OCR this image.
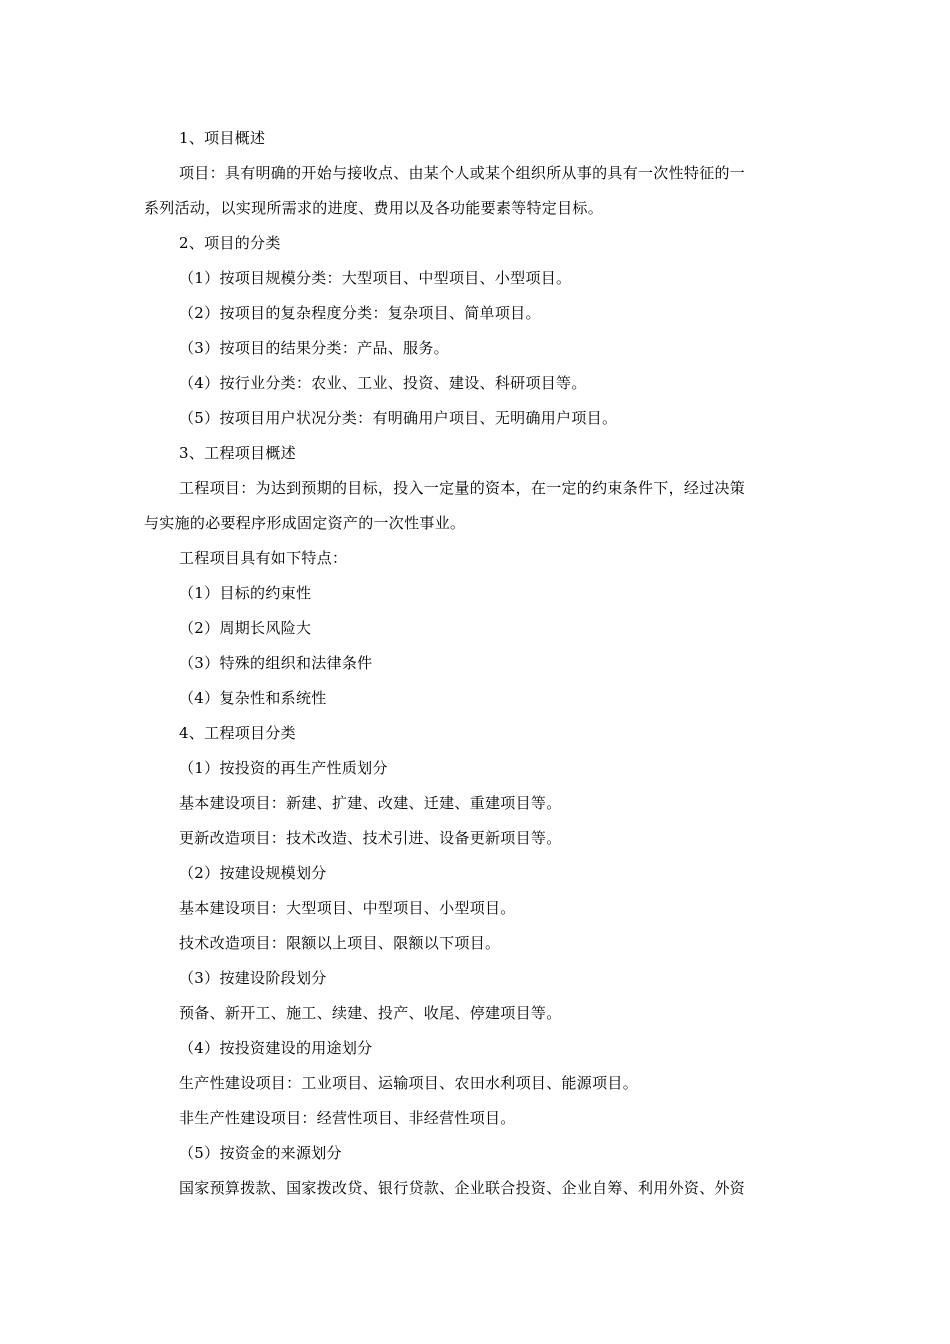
1、项目概述
项目：具有明确的开始与接收点、由某个人或某个组织所从事的具有一次性特征的一
系列活动，以实现所需求的进度、费用以及各功能要素等特定目标。
2、项目的分类
（1）按项目规模分类：大型项目、中型项目、小型项目。
（2）按项目的复杂程度分类：复杂项目、简单项目。
（3）按项目的结果分类：产品、服务。
（4）按行业分类：农业、工业、投资、建设、科研项目等。
（5）按项目用户状况分类：有明确用户项目、无明确用户项目。
3、工程项目概述
工程项目：为达到预期的目标，投入一定量的资本，在一定的约束条件下，经过决策
与实施的必要程序形成固定资产的一次性事业。
工程项目具有如下特点：
（1）目标的约束性
（2）周期长风险大
（3）特殊的组织和法律条件
（4）复杂性和系统性
4、工程项目分类
（1）按投资的再生产性质划分
基本建设项目：新建、扩建、改建、迁建、重建项目等。
更新改造项目：技术改造、技术引进、设备更新项目等。
（2）按建设规模划分
基本建设项目：大型项目、中型项目、小型项目。
技术改造项目：限额以上项目、限额以下项目。
（3）按建设阶段划分
预备、新开工、施工、续建、投产、收尾、停建项目等。
（4）按投资建设的用途划分
生产性建设项目：工业项目、运输项目、农田水利项目、能源项目。
非生产性建设项目：经营性项目、非经营性项目。
（5）按资金的来源划分
国家预算拨款、国家拨改贷、银行贷款、企业联合投资、企业自筹、利用外资、外资
